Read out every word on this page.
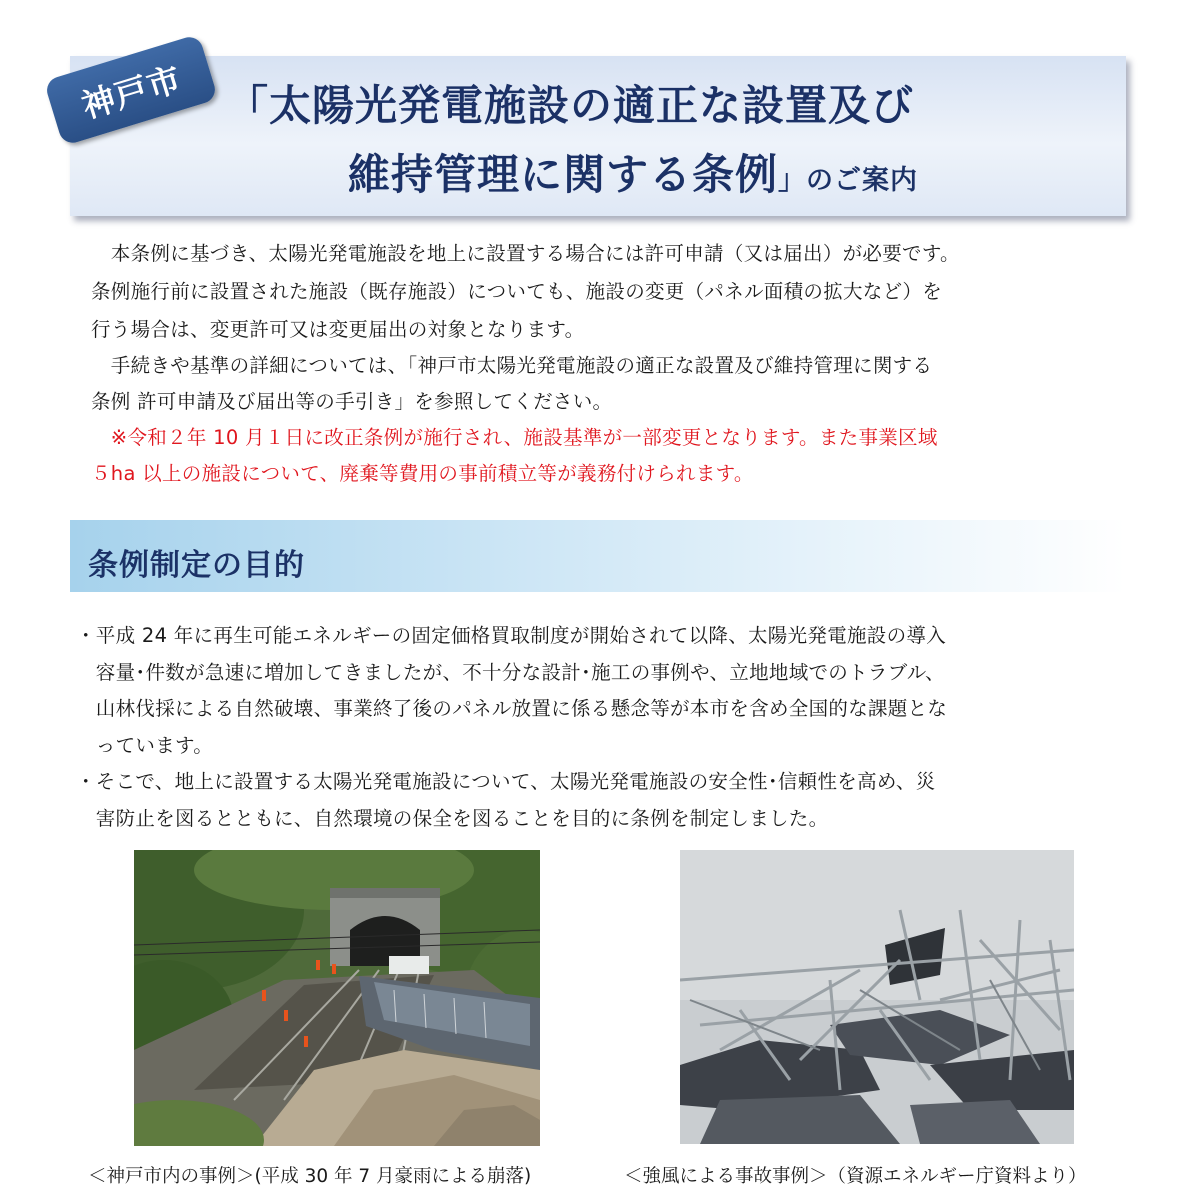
神戸市 「太陽光発電施設の適正な設置及び
維持管理に関する条例」のご案内
　本条例に基づき、太陽光発電施設を地上に設置する場合には許可申請（又は届出）が必要です。
条例施行前に設置された施設（既存施設）についても、施設の変更（パネル面積の拡大など）を
行う場合は、変更許可又は変更届出の対象となります。
　手続きや基準の詳細については、「神戸市太陽光発電施設の適正な設置及び維持管理に関する
条例 許可申請及び届出等の手引き」を参照してください。
　※令和２年 10 月１日に改正条例が施行され、施設基準が一部変更となります。また事業区域
５ha 以上の施設について、廃棄等費用の事前積立等が義務付けられます。
条例制定の目的
・平成 24 年に再生可能エネルギーの固定価格買取制度が開始されて以降、太陽光発電施設の導入
　容量･件数が急速に増加してきましたが、不十分な設計･施工の事例や、立地地域でのトラブル、
　山林伐採による自然破壊、事業終了後のパネル放置に係る懸念等が本市を含め全国的な課題とな
　っています。
・そこで、地上に設置する太陽光発電施設について、太陽光発電施設の安全性･信頼性を高め、災
　害防止を図るとともに、自然環境の保全を図ることを目的に条例を制定しました。
＜神戸市内の事例＞(平成 30 年 7 月豪雨による崩落)	＜強風による事故事例＞（資源エネルギー庁資料より）
